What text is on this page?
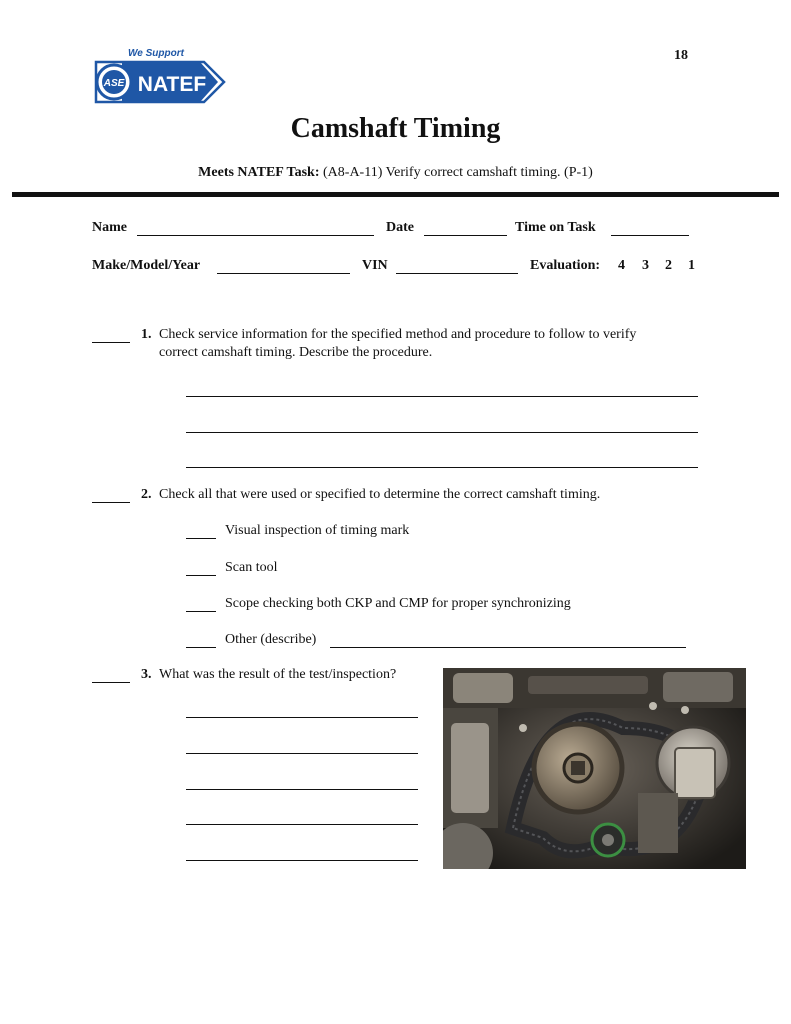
ASE NATEF
We Support	18
Camshaft Timing
Meets NATEF Task: (A8-A-11) Verify correct camshaft timing. (P-1)
Name	Date	Time on Task
Make/Model/Year	VIN	Evaluation: 4 3 2 1
1. Check service information for the specified method and procedure to follow to verify
correct camshaft timing. Describe the procedure.
2. Check all that were used or specified to determine the correct camshaft timing.
Visual inspection of timing mark
Scan tool
Scope checking both CKP and CMP for proper synchronizing
Other (describe)
3. What was the result of the test/inspection?
